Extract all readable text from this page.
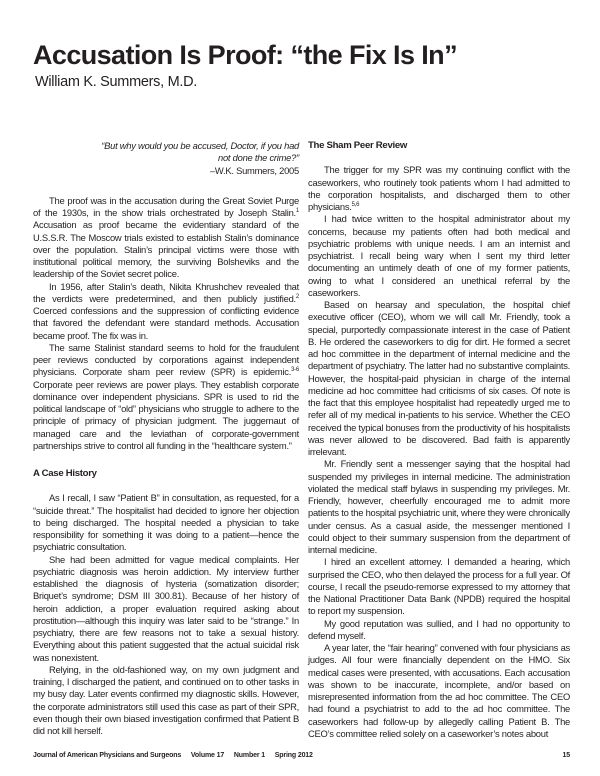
Accusation Is Proof: “the Fix Is In”
William K. Summers, M.D.

“But why would you be accused, Doctor, if you had not done the crime?”

–W.K. Summers, 2005

The proof was in the accusation during the Great Soviet Purge of the 1930s, in the show trials orchestrated by Joseph Stalin.$^1$ Accusation as proof became the evidentiary standard of the U.S.S.R. The Moscow trials existed to establish Stalin’s dominance over the population. Stalin’s principal victims were those with institutional political memory, the surviving Bolsheviks and the leadership of the Soviet secret police.

In 1956, after Stalin’s death, Nikita Khrushchev revealed that the verdicts were predetermined, and then publicly justified.$^2$ Coerced confessions and the suppression of conflicting evidence that favored the defendant were standard methods. Accusation became proof. The fix was in.

The same Stalinist standard seems to hold for the fraudulent peer reviews conducted by corporations against independent physicians. Corporate sham peer review (SPR) is epidemic.$^{3-6}$ Corporate peer reviews are power plays. They establish corporate dominance over independent physicians. SPR is used to rid the political landscape of “old” physicians who struggle to adhere to the principle of primacy of physician judgment. The juggernaut of managed care and the leviathan of corporate-government partnerships strive to control all funding in the “healthcare system.”

A Case History

As I recall, I saw “Patient B” in consultation, as requested, for a “suicide threat.” The hospitalist had decided to ignore her objection to being discharged. The hospital needed a physician to take responsibility for something it was doing to a patient—hence the psychiatric consultation.

She had been admitted for vague medical complaints. Her psychiatric diagnosis was heroin addiction. My interview further established the diagnosis of hysteria (somatization disorder; Briquet’s syndrome; DSM III 300.81). Because of her history of heroin addiction, a proper evaluation required asking about prostitution—although this inquiry was later said to be “strange.” In psychiatry, there are few reasons not to take a sexual history. Everything about this patient suggested that the actual suicidal risk was nonexistent.

Relying, in the old-fashioned way, on my own judgment and training, I discharged the patient, and continued on to other tasks in my busy day. Later events confirmed my diagnostic skills. However, the corporate administrators still used this case as part of their SPR, even though their own biased investigation confirmed that Patient B did not kill herself.

The Sham Peer Review

The trigger for my SPR was my continuing conflict with the caseworkers, who routinely took patients whom I had admitted to the corporation hospitalists, and discharged them to other physicians.$^{5,6}$

I had twice written to the hospital administrator about my concerns, because my patients often had both medical and psychiatric problems with unique needs. I am an internist and psychiatrist. I recall being wary when I sent my third letter documenting an untimely death of one of my former patients, owing to what I considered an unethical referral by the caseworkers.

Based on hearsay and speculation, the hospital chief executive officer (CEO), whom we will call Mr. Friendly, took a special, purportedly compassionate interest in the case of Patient B. He ordered the caseworkers to dig for dirt. He formed a secret ad hoc committee in the department of internal medicine and the department of psychiatry. The latter had no substantive complaints. However, the hospital-paid physician in charge of the internal medicine ad hoc committee had criticisms of six cases. Of note is the fact that this employee hospitalist had repeatedly urged me to refer all of my medical in-patients to his service. Whether the CEO received the typical bonuses from the productivity of his hospitalists was never allowed to be discovered. Bad faith is apparently irrelevant.

Mr. Friendly sent a messenger saying that the hospital had suspended my privileges in internal medicine. The administration violated the medical staff bylaws in suspending my privileges. Mr. Friendly, however, cheerfully encouraged me to admit more patients to the hospital psychiatric unit, where they were chronically under census. As a casual aside, the messenger mentioned I could object to their summary suspension from the department of internal medicine.

I hired an excellent attorney. I demanded a hearing, which surprised the CEO, who then delayed the process for a full year. Of course, I recall the pseudo-remorse expressed to my attorney that the National Practitioner Data Bank (NPDB) required the hospital to report my suspension.

My good reputation was sullied, and I had no opportunity to defend myself.

A year later, the “fair hearing” convened with four physicians as judges. All four were financially dependent on the HMO. Six medical cases were presented, with accusations. Each accusation was shown to be inaccurate, incomplete, and/or based on misrepresented information from the ad hoc committee. The CEO had found a psychiatrist to add to the ad hoc committee. The caseworkers had follow-up by allegedly calling Patient B. The CEO’s committee relied solely on a caseworker’s notes about

Journal of American Physicians and Surgeons Volume 17 Number 1 Spring 2012	15
